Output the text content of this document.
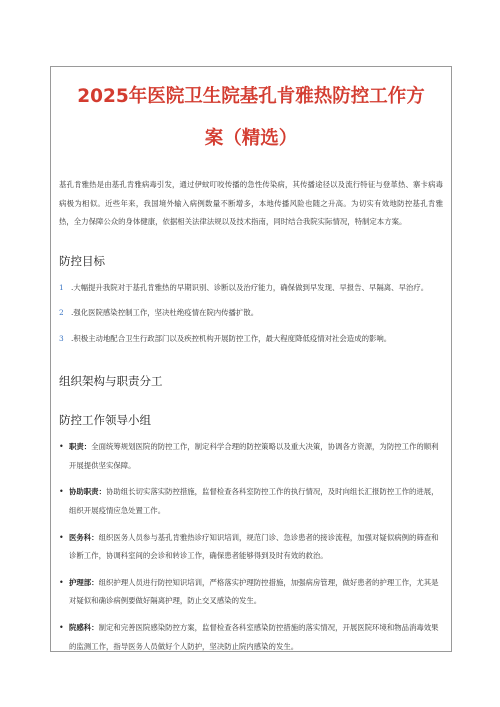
2025年医院卫生院基孔肯雅热防控工作方
案（精选）

基孔肯雅热是由基孔肯雅病毒引发，通过伊蚊叮咬传播的急性传染病，其传播途径以及流行特征与登革热、寨卡病毒病极为相似。近些年来，我国境外输入病例数量不断增多，本地传播风险也随之升高。为切实有效地防控基孔肯雅热，全力保障公众的身体健康，依据相关法律法规以及技术指南，同时结合我院实际情况，特制定本方案。

防控目标
1 .大幅提升我院对于基孔肯雅热的早期识别、诊断以及治疗能力，确保做到早发现、早报告、早隔离、早治疗。
2 .强化医院感染控制工作，坚决杜绝疫情在院内传播扩散。
3 .积极主动地配合卫生行政部门以及疾控机构开展防控工作，最大程度降低疫情对社会造成的影响。
组织架构与职责分工
防控工作领导小组
• 职责：全面统筹规划医院的防控工作，制定科学合理的防控策略以及重大决策，协调各方资源，为防控工作的顺利开展提供坚实保障。
• 协助职责：协助组长切实落实防控措施，监督检查各科室防控工作的执行情况，及时向组长汇报防控工作的进展，组织开展疫情应急处置工作。
• 医务科：组织医务人员参与基孔肯雅热诊疗知识培训，规范门诊、急诊患者的接诊流程，加强对疑似病例的筛查和诊断工作，协调科室间的会诊和转诊工作，确保患者能够得到及时有效的救治。
• 护理部：组织护理人员进行防控知识培训，严格落实护理防控措施，加强病房管理，做好患者的护理工作，尤其是对疑似和确诊病例要做好隔离护理，防止交叉感染的发生。
• 院感科：制定和完善医院感染防控方案，监督检查各科室感染防控措施的落实情况，开展医院环境和物品消毒效果的监测工作，指导医务人员做好个人防护，坚决防止院内感染的发生。
